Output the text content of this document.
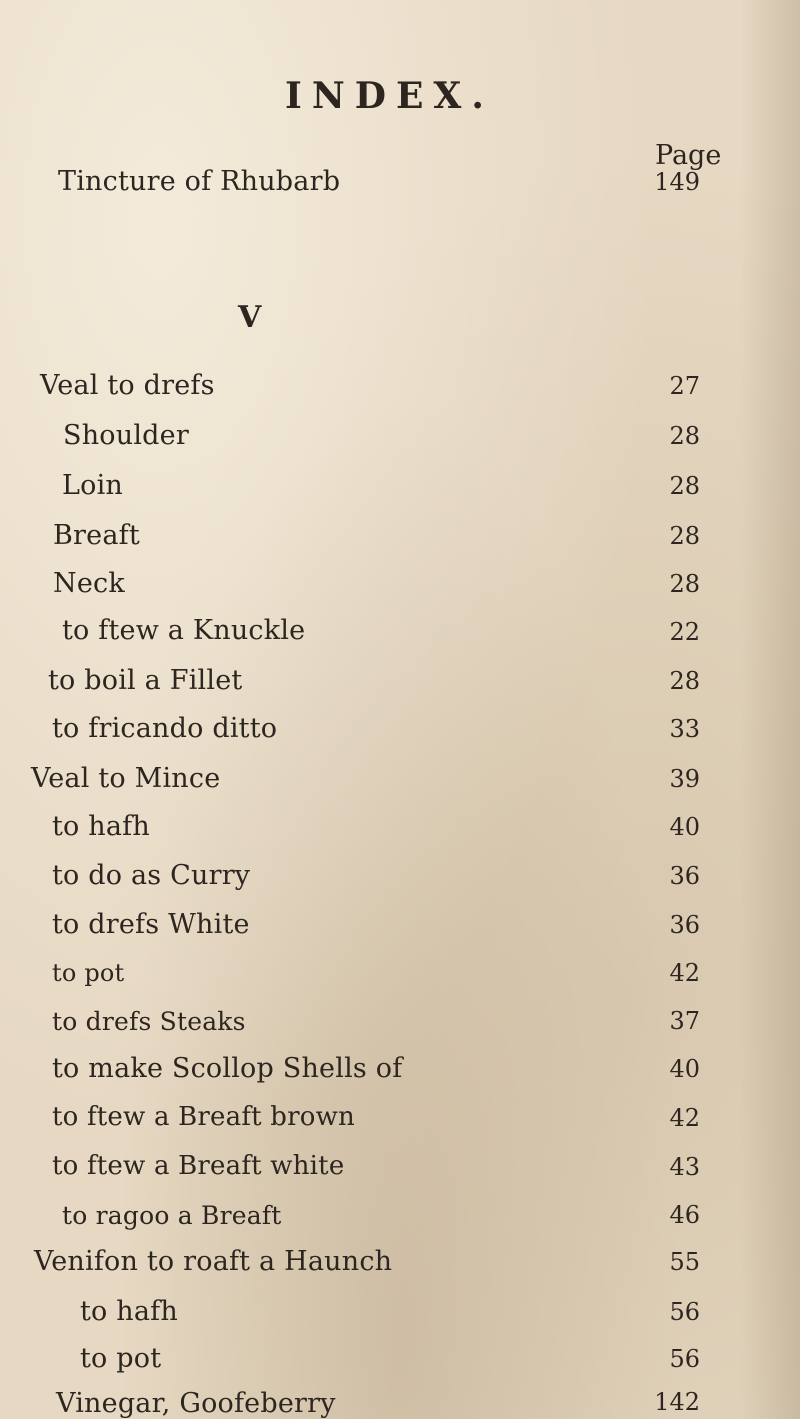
INDEX.
Page
Tincture of Rhubarb	149
V
Veal to drefs	27
Shoulder	28
Loin	28
Breaft	28
Neck	28
to ftew a Knuckle	22
to boil a Fillet	28
to fricando ditto	33
Veal to Mince	39
to hafh	40
to do as Curry	36
to drefs White	36
to pot	42
to drefs Steaks	37
to make Scollop Shells of	40
to ftew a Breaft brown	42
to ftew a Breaft white	43
to ragoo a Breaft	46
Venifon to roaft a Haunch	55
to hafh	56
to pot	56
Vinegar, Goofeberry	142
